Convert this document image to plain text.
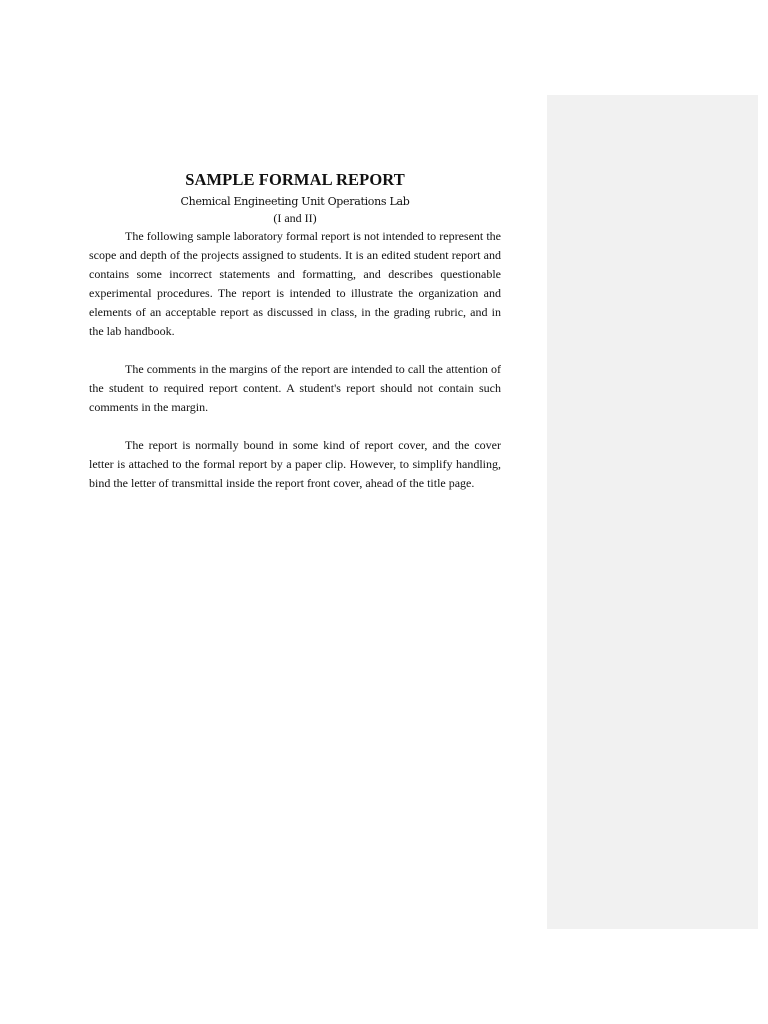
SAMPLE FORMAL REPORT

Chemical Engineeting Unit Operations Lab

(I and II)

The following sample laboratory formal report is not intended to represent the scope and depth of the projects assigned to students. It is an edited student report and contains some incorrect statements and formatting, and describes questionable experimental procedures. The report is intended to illustrate the organization and elements of an acceptable report as discussed in class, in the grading rubric, and in the lab handbook.

The comments in the margins of the report are intended to call the attention of the student to required report content. A student's report should not contain such comments in the margin.

The report is normally bound in some kind of report cover, and the cover letter is attached to the formal report by a paper clip. However, to simplify handling, bind the letter of transmittal inside the report front cover, ahead of the title page.
